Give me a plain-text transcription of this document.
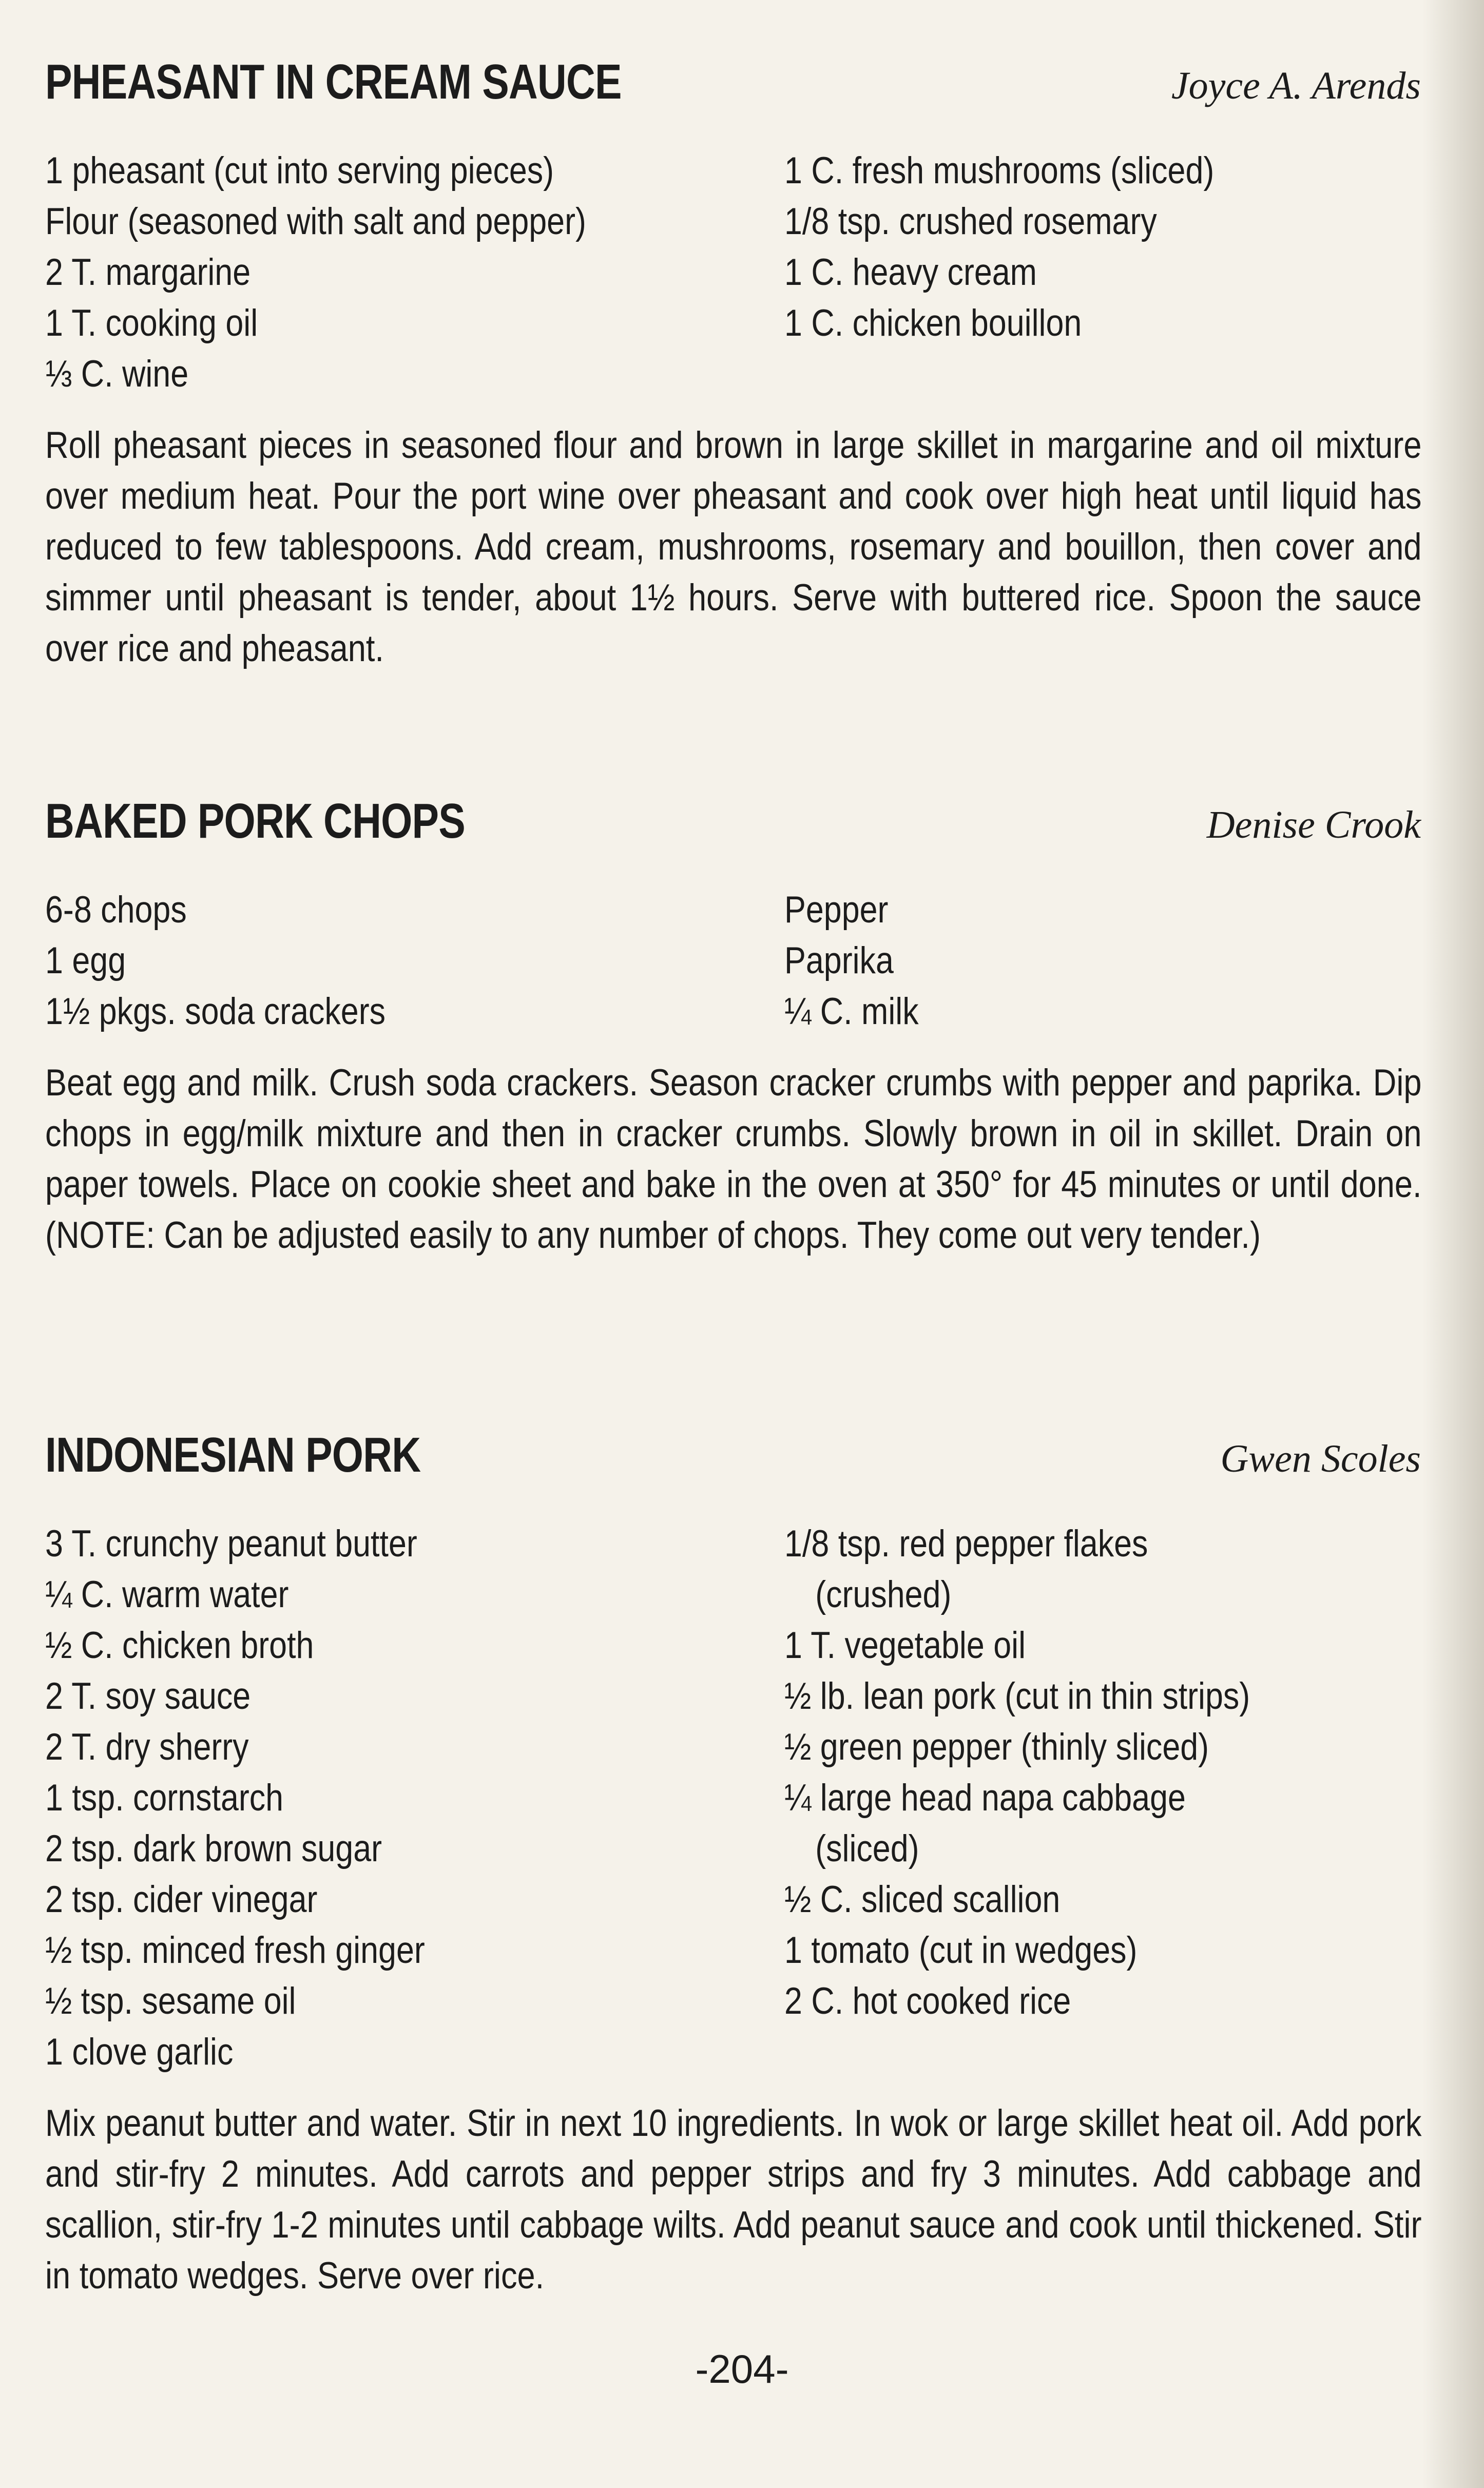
PHEASANT IN CREAM SAUCE	Joyce A. Arends
1 pheasant (cut into serving pieces)
Flour (seasoned with salt and pepper)
2 T. margarine
1 T. cooking oil
⅓ C. wine
1 C. fresh mushrooms (sliced)
1/8 tsp. crushed rosemary
1 C. heavy cream
1 C. chicken bouillon

Roll pheasant pieces in seasoned flour and brown in large skillet in margarine and oil mixture over medium heat. Pour the port wine over pheasant and cook over high heat until liquid has reduced to few tablespoons. Add cream, mushrooms, rosemary and bouillon, then cover and simmer until pheasant is tender, about 1½ hours. Serve with buttered rice. Spoon the sauce over rice and pheasant.

BAKED PORK CHOPS	Denise Crook
6-8 chops
1 egg
1½ pkgs. soda crackers
Pepper
Paprika
¼ C. milk

Beat egg and milk. Crush soda crackers. Season cracker crumbs with pepper and paprika. Dip chops in egg/milk mixture and then in cracker crumbs. Slowly brown in oil in skillet. Drain on paper towels. Place on cookie sheet and bake in the oven at 350° for 45 minutes or until done. (NOTE: Can be adjusted easily to any number of chops. They come out very tender.)

INDONESIAN PORK	Gwen Scoles
3 T. crunchy peanut butter
¼ C. warm water
½ C. chicken broth
2 T. soy sauce
2 T. dry sherry
1 tsp. cornstarch
2 tsp. dark brown sugar
2 tsp. cider vinegar
½ tsp. minced fresh ginger
½ tsp. sesame oil
1 clove garlic
1/8 tsp. red pepper flakes
(crushed)
1 T. vegetable oil
½ lb. lean pork (cut in thin strips)
½ green pepper (thinly sliced)
¼ large head napa cabbage
(sliced)
½ C. sliced scallion
1 tomato (cut in wedges)
2 C. hot cooked rice

Mix peanut butter and water. Stir in next 10 ingredients. In wok or large skillet heat oil. Add pork and stir-fry 2 minutes. Add carrots and pepper strips and fry 3 minutes. Add cabbage and scallion, stir-fry 1-2 minutes until cabbage wilts. Add peanut sauce and cook until thickened. Stir in tomato wedges. Serve over rice.

-204-
